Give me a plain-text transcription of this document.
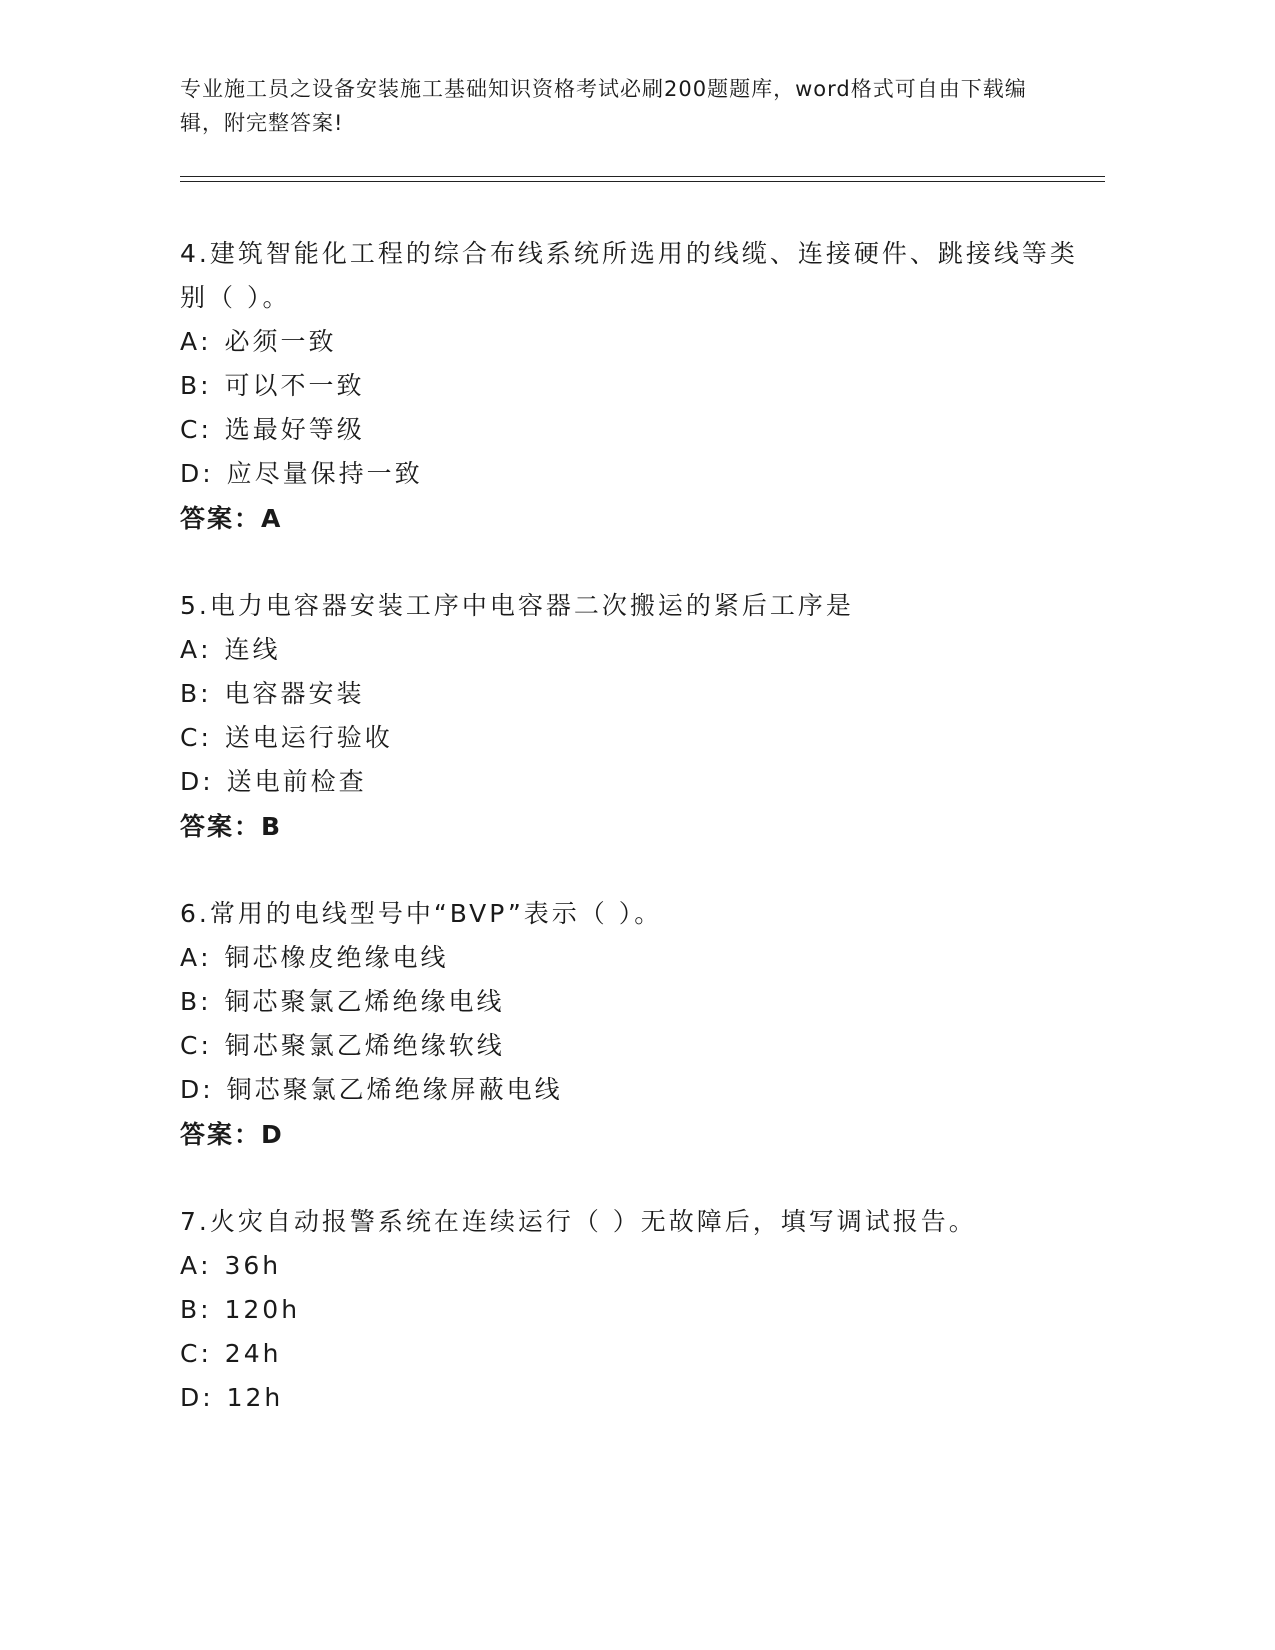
专业施工员之设备安装施工基础知识资格考试必刷200题题库，word格式可自由下载编辑，附完整答案!

4.建筑智能化工程的综合布线系统所选用的线缆、连接硬件、跳接线等类别（ ）。

A:  必须一致

B:  可以不一致

C:  选最好等级

D:  应尽量保持一致

答案：A

5.电力电容器安装工序中电容器二次搬运的紧后工序是

A:  连线

B:  电容器安装

C:  送电运行验收

D:  送电前检查

答案：B

6.常用的电线型号中“BVP”表示（ ）。

A:  铜芯橡皮绝缘电线

B:  铜芯聚氯乙烯绝缘电线

C:  铜芯聚氯乙烯绝缘软线

D:  铜芯聚氯乙烯绝缘屏蔽电线

答案：D

7.火灾自动报警系统在连续运行（ ）无故障后，填写调试报告。

A:  36h

B:  120h

C:  24h

D:  12h
